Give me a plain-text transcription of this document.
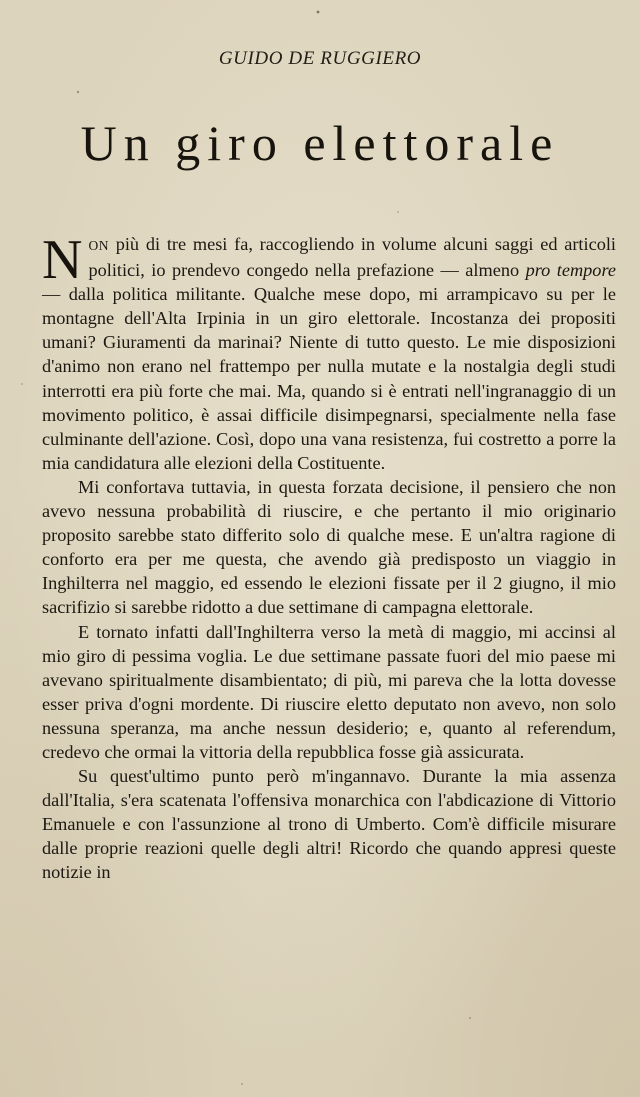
GUIDO DE RUGGIERO
Un giro elettorale

NON più di tre mesi fa, raccogliendo in volume alcuni saggi ed articoli politici, io prendevo congedo nella prefazione — almeno pro tempore — dalla politica militante. Qualche mese dopo, mi arrampicavo su per le montagne dell'Alta Irpinia in un giro elettorale. Incostanza dei propositi umani? Giuramenti da marinai? Niente di tutto questo. Le mie disposizioni d'animo non erano nel frattempo per nulla mutate e la nostalgia degli studi interrotti era più forte che mai. Ma, quando si è entrati nell'ingranaggio di un movimento politico, è assai difficile disimpegnarsi, specialmente nella fase culminante dell'azione. Così, dopo una vana resistenza, fui costretto a porre la mia candidatura alle elezioni della Costituente.

Mi confortava tuttavia, in questa forzata decisione, il pensiero che non avevo nessuna probabilità di riuscire, e che pertanto il mio originario proposito sarebbe stato differito solo di qualche mese. E un'altra ragione di conforto era per me questa, che avendo già predisposto un viaggio in Inghilterra nel maggio, ed essendo le elezioni fissate per il 2 giugno, il mio sacrifizio si sarebbe ridotto a due settimane di campagna elettorale.

E tornato infatti dall'Inghilterra verso la metà di maggio, mi accinsi al mio giro di pessima voglia. Le due settimane passate fuori del mio paese mi avevano spiritualmente disambientato; di più, mi pareva che la lotta dovesse esser priva d'ogni mordente. Di riuscire eletto deputato non avevo, non solo nessuna speranza, ma anche nessun desiderio; e, quanto al referendum, credevo che ormai la vittoria della repubblica fosse già assicurata.

Su quest'ultimo punto però m'ingannavo. Durante la mia assenza dall'Italia, s'era scatenata l'offensiva monarchica con l'abdicazione di Vittorio Emanuele e con l'assunzione al trono di Umberto. Com'è difficile misurare dalle proprie reazioni quelle degli altri! Ricordo che quando appresi queste notizie in
